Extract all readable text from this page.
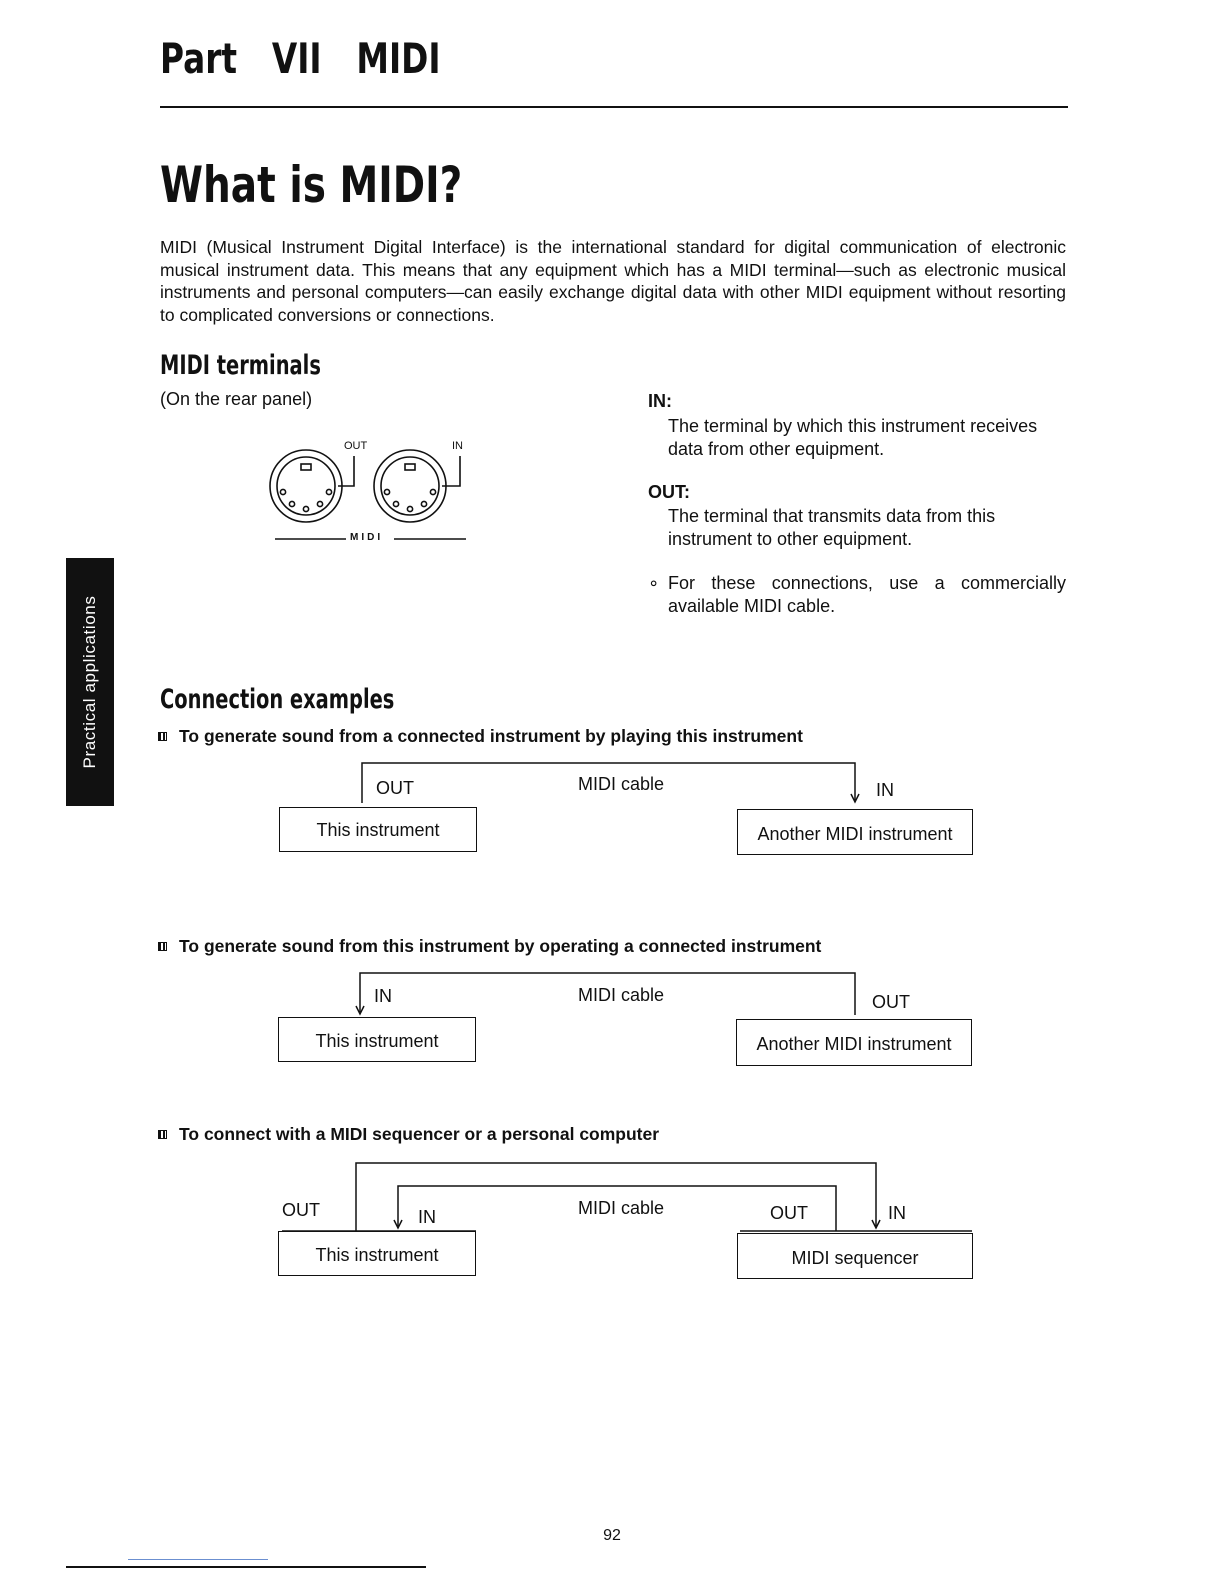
Part VII MIDI
What is MIDI?

MIDI (Musical Instrument Digital Interface) is the international standard for digital communication of electronic musical instrument data. This means that any equipment which has a MIDI terminal—such as electronic musical instruments and personal computers—can easily exchange digital data with other MIDI equipment without resorting to complicated conversions or connections.

MIDI terminals
(On the rear panel)
OUT	IN
MIDI
IN:

The terminal by which this instrument receives data from other equipment.

OUT:

The terminal that transmits data from this instrument to other equipment.

∘ For these connections, use a commercially available MIDI cable.
Practical applications Connection examples
To generate sound from a connected instrument by playing this instrument
OUT	MIDI cable	IN
This instrument	Another MIDI instrument
To generate sound from this instrument by operating a connected instrument
IN	MIDI cable	OUT
This instrument	Another MIDI instrument
To connect with a MIDI sequencer or a personal computer
OUT	IN	MIDI cable	OUT	IN
This instrument	MIDI sequencer
92
